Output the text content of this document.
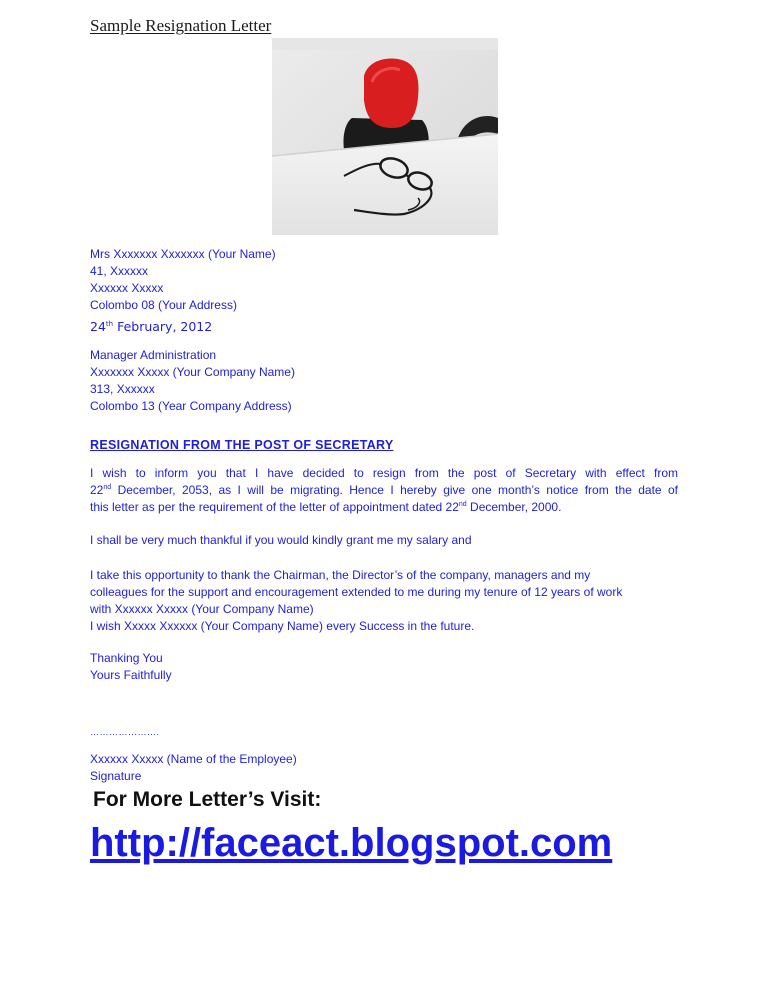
Sample Resignation Letter
Mrs Xxxxxxx Xxxxxxx (Your Name)
41, Xxxxxx
Xxxxxx Xxxxx
Colombo 08 (Your Address)
24th February, 2012
Manager Administration
Xxxxxxx Xxxxx (Your Company Name)
313, Xxxxxx
Colombo 13 (Year Company Address)
RESIGNATION FROM THE POST OF SECRETARY
I wish to inform you that I have decided to resign from the post of Secretary with effect from
22nd December, 2053, as I will be migrating. Hence I hereby give one month’s notice from the date of
this letter as per the requirement of the letter of appointment dated 22nd December, 2000.
I shall be very much thankful if you would kindly grant me my salary and
I take this opportunity to thank the Chairman, the Director’s of the company, managers and my
colleagues for the support and encouragement extended to me during my tenure of 12 years of work
with Xxxxxx Xxxxx (Your Company Name)
I wish Xxxxx Xxxxxx (Your Company Name) every Success in the future.
Thanking You
Yours Faithfully
………………….
Xxxxxx Xxxxx (Name of the Employee)
Signature
For More Letter’s Visit:
http://faceact.blogspot.com
